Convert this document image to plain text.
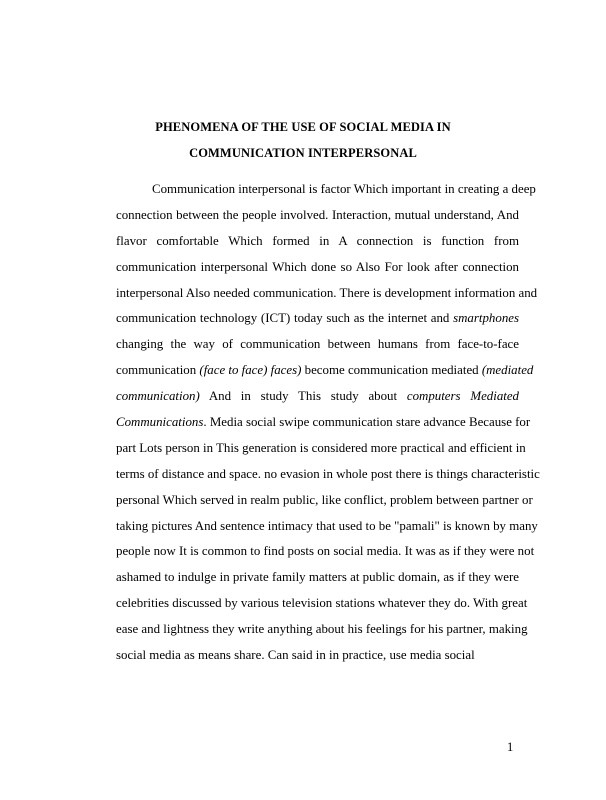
PHENOMENA OF THE USE OF SOCIAL MEDIA IN
COMMUNICATION INTERPERSONAL
Communication interpersonal is factor Which important in creating a deep
connection between the people involved. Interaction, mutual understand, And
flavor comfortable Which formed in A connection is function from
communication interpersonal Which done so Also For look after connection
interpersonal Also needed communication. There is development information and
communication technology (ICT) today such as the internet and smartphones
changing the way of communication between humans from face-to-face
communication (face to face) faces) become communication mediated (mediated
communication) And in study This study about computers Mediated
Communications. Media social swipe communication stare advance Because for
part Lots person in This generation is considered more practical and efficient in
terms of distance and space. no evasion in whole post there is things characteristic
personal Which served in realm public, like conflict, problem between partner or
taking pictures And sentence intimacy that used to be "pamali" is known by many
people now It is common to find posts on social media. It was as if they were not
ashamed to indulge in private family matters at public domain, as if they were
celebrities discussed by various television stations whatever they do. With great
ease and lightness they write anything about his feelings for his partner, making
social media as means share. Can said in in practice, use media social
1
